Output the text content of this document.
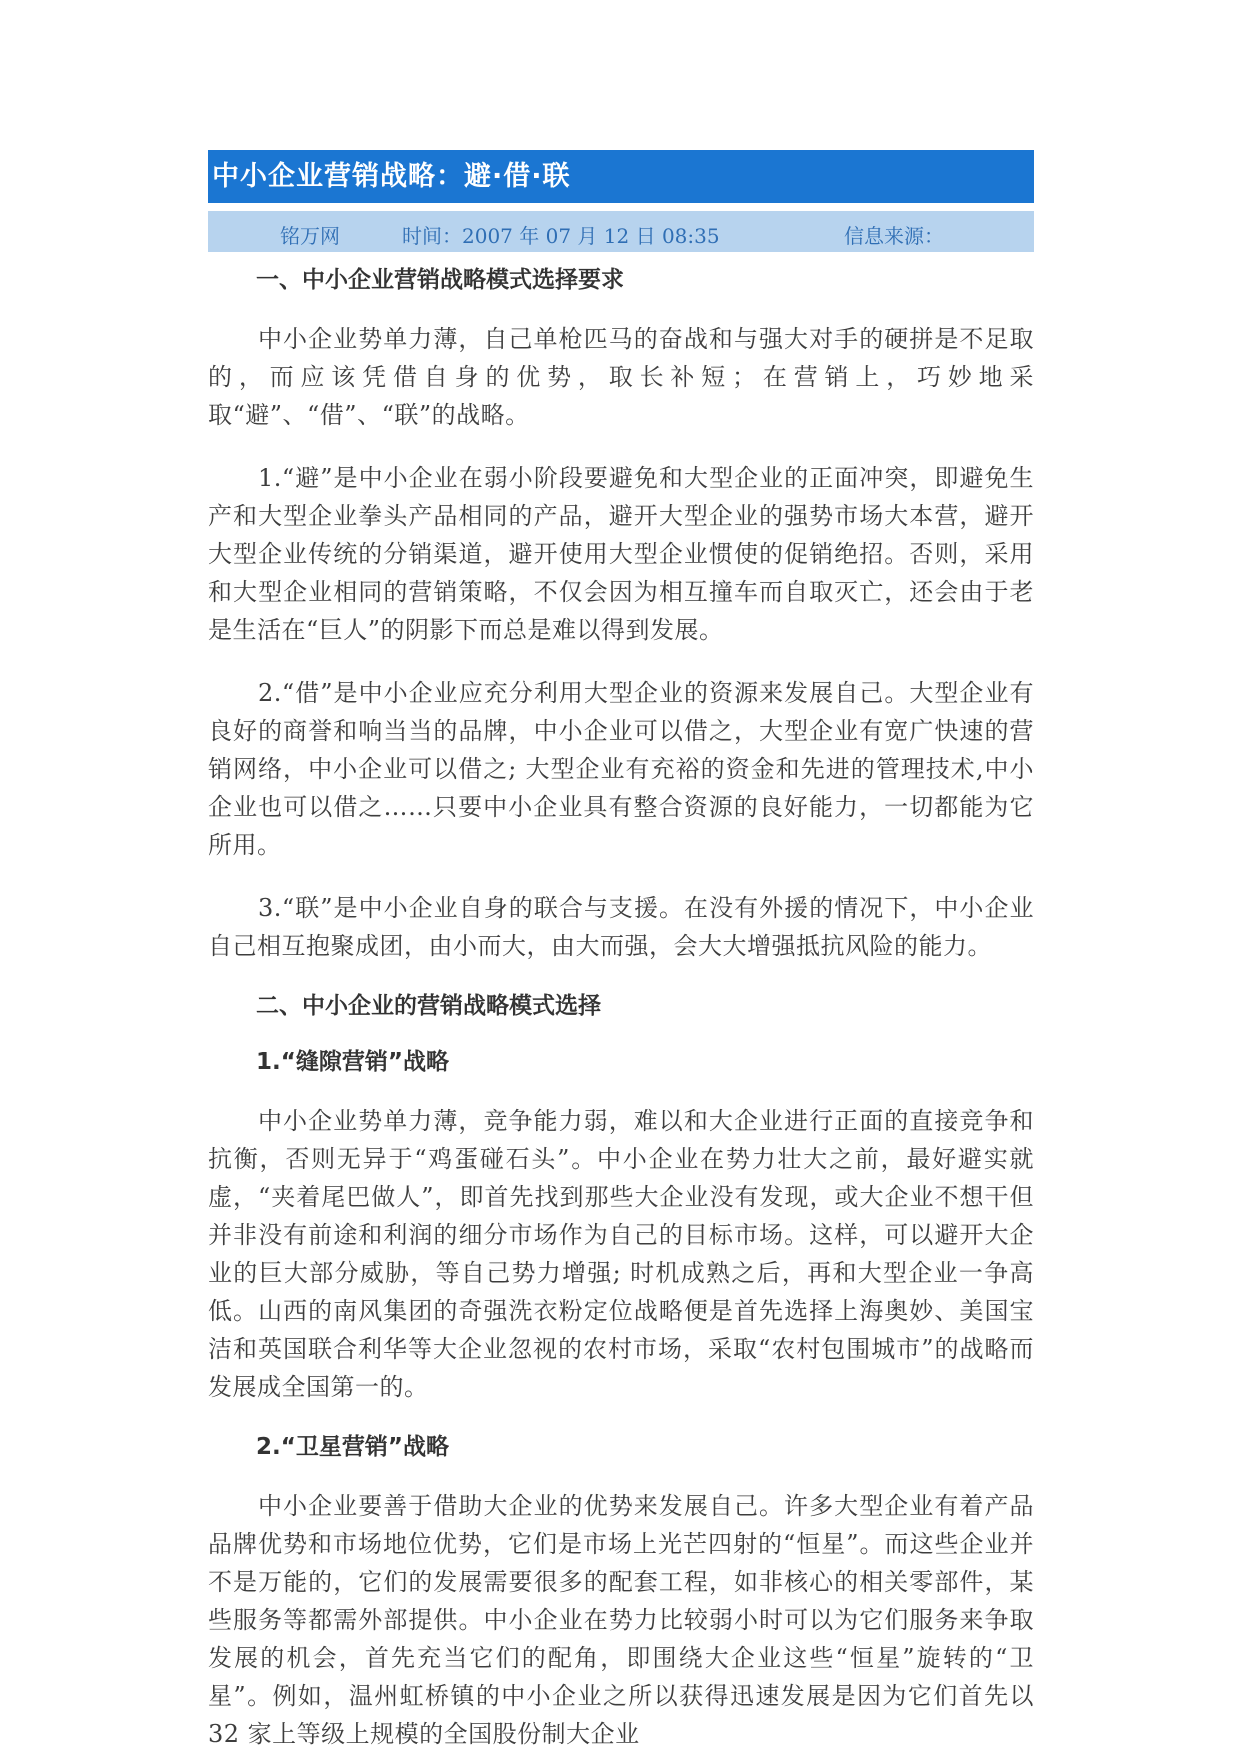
中小企业营销战略：避·借·联
铭万网	时间：2007 年 07 月 12 日 08:35	信息来源：
一、中小企业营销战略模式选择要求

中小企业势单力薄，自己单枪匹马的奋战和与强大对手的硬拼是不足取的，而应该凭借自身的优势，取长补短；在营销上，巧妙地采取“避”、“借”、“联”的战略。

1.“避”是中小企业在弱小阶段要避免和大型企业的正面冲突，即避免生产和大型企业拳头产品相同的产品，避开大型企业的强势市场大本营，避开大型企业传统的分销渠道，避开使用大型企业惯使的促销绝招。否则，采用和大型企业相同的营销策略，不仅会因为相互撞车而自取灭亡，还会由于老是生活在“巨人”的阴影下而总是难以得到发展。

2.“借”是中小企业应充分利用大型企业的资源来发展自己。大型企业有良好的商誉和响当当的品牌，中小企业可以借之，大型企业有宽广快速的营销网络，中小企业可以借之; 大型企业有充裕的资金和先进的管理技术,中小企业也可以借之……只要中小企业具有整合资源的良好能力，一切都能为它所用。

3.“联”是中小企业自身的联合与支援。在没有外援的情况下，中小企业自己相互抱聚成团，由小而大，由大而强，会大大增强抵抗风险的能力。

二、中小企业的营销战略模式选择
1.“缝隙营销”战略

中小企业势单力薄，竞争能力弱，难以和大企业进行正面的直接竞争和抗衡，否则无异于“鸡蛋碰石头”。中小企业在势力壮大之前，最好避实就虚，“夹着尾巴做人”，即首先找到那些大企业没有发现，或大企业不想干但并非没有前途和利润的细分市场作为自己的目标市场。这样，可以避开大企业的巨大部分威胁，等自己势力增强; 时机成熟之后，再和大型企业一争高低。山西的南风集团的奇强洗衣粉定位战略便是首先选择上海奥妙、美国宝洁和英国联合利华等大企业忽视的农村市场，采取“农村包围城市”的战略而发展成全国第一的。

2.“卫星营销”战略

中小企业要善于借助大企业的优势来发展自己。许多大型企业有着产品品牌优势和市场地位优势，它们是市场上光芒四射的“恒星”。而这些企业并不是万能的，它们的发展需要很多的配套工程，如非核心的相关零部件，某些服务等都需外部提供。中小企业在势力比较弱小时可以为它们服务来争取发展的机会，首先充当它们的配角，即围绕大企业这些“恒星”旋转的“卫星”。例如，温州虹桥镇的中小企业之所以获得迅速发展是因为它们首先以 32 家上等级上规模的全国股份制大企业
